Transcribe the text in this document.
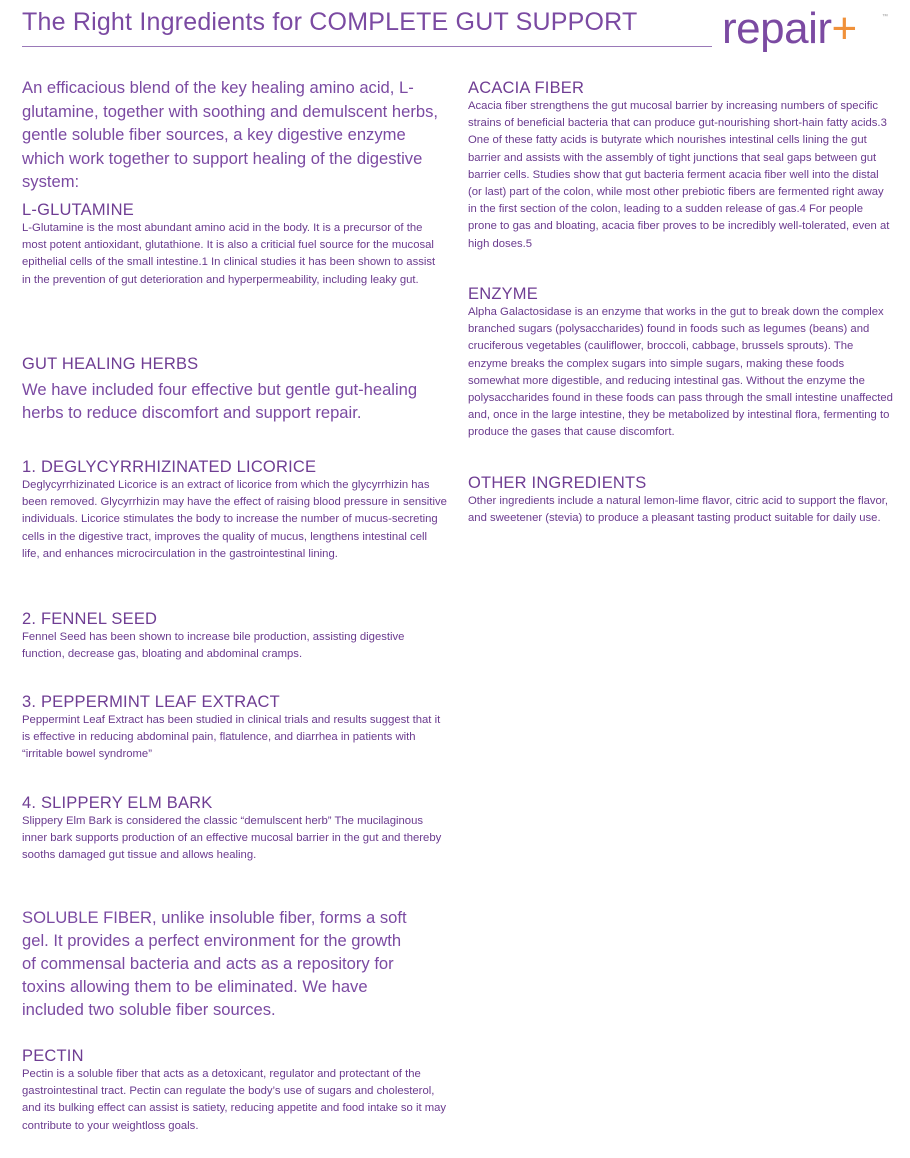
The Right Ingredients for COMPLETE GUT SUPPORT repair+	™
An efficacious blend of the key healing amino acid, L-glutamine, together with soothing and demulscent herbs, gentle soluble fiber sources, a key digestive enzyme which work together to support healing of the digestive system:
L-GLUTAMINE

L-Glutamine is the most abundant amino acid in the body. It is a precursor of the most potent antioxidant, glutathione. It is also a criticial fuel source for the mucosal epithelial cells of the small intestine.1 In clinical studies it has been shown to assist in the prevention of gut deterioration and hyperpermeability, including leaky gut.

GUT HEALING HERBS

We have included four effective but gentle gut-healing herbs to reduce discomfort and support repair.

1. DEGLYCYRRHIZINATED LICORICE

Deglycyrrhizinated Licorice is an extract of licorice from which the glycyrrhizin has been removed. Glycyrrhizin may have the effect of raising blood pressure in sensitive individuals. Licorice stimulates the body to increase the number of mucus-secreting cells in the digestive tract, improves the quality of mucus, lengthens intestinal cell life, and enhances microcirculation in the gastrointestinal lining.

2. FENNEL SEED

Fennel Seed has been shown to increase bile production, assisting digestive function, decrease gas, bloating and abdominal cramps.

3. PEPPERMINT LEAF EXTRACT

Peppermint Leaf Extract has been studied in clinical trials and results suggest that it is effective in reducing abdominal pain, flatulence, and diarrhea in patients with “irritable bowel syndrome”

4. SLIPPERY ELM BARK

Slippery Elm Bark is considered the classic “demulscent herb” The mucilaginous inner bark supports production of an effective mucosal barrier in the gut and thereby sooths damaged gut tissue and allows healing.

SOLUBLE FIBER, unlike insoluble fiber, forms a soft gel. It provides a perfect environment for the growth of commensal bacteria and acts as a repository for toxins allowing them to be eliminated. We have included two soluble fiber sources.

PECTIN

Pectin is a soluble fiber that acts as a detoxicant, regulator and protectant of the gastrointestinal tract. Pectin can regulate the body’s use of sugars and cholesterol, and its bulking effect can assist is satiety, reducing appetite and food intake so it may contribute to your weightloss goals.

ACACIA FIBER

Acacia fiber strengthens the gut mucosal barrier by increasing numbers of specific strains of beneficial bacteria that can produce gut-nourishing short-hain fatty acids.3 One of these fatty acids is butyrate which nourishes intestinal cells lining the gut barrier and assists with the assembly of tight junctions that seal gaps between gut barrier cells. Studies show that gut bacteria ferment acacia fiber well into the distal (or last) part of the colon, while most other prebiotic fibers are fermented right away in the first section of the colon, leading to a sudden release of gas.4 For people prone to gas and bloating, acacia fiber proves to be incredibly well-tolerated, even at high doses.5

ENZYME

Alpha Galactosidase is an enzyme that works in the gut to break down the complex branched sugars (polysaccharides) found in foods such as legumes (beans) and cruciferous vegetables (cauliflower, broccoli, cabbage, brussels sprouts). The enzyme breaks the complex sugars into simple sugars, making these foods somewhat more digestible, and reducing intestinal gas. Without the enzyme the polysaccharides found in these foods can pass through the small intestine unaffected and, once in the large intestine, they be metabolized by intestinal flora, fermenting to produce the gases that cause discomfort.

OTHER INGREDIENTS

Other ingredients include a natural lemon-lime flavor, citric acid to support the flavor, and sweetener (stevia) to produce a pleasant tasting product suitable for daily use.
